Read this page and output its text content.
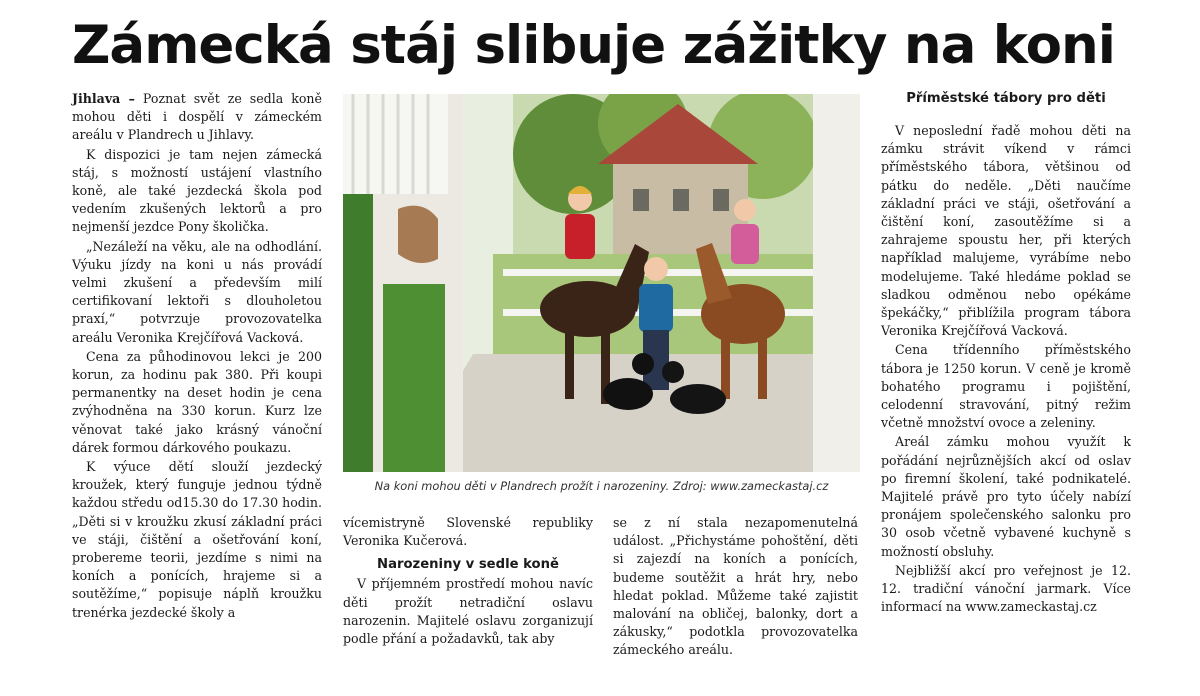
Zámecká stáj slibuje zážitky na koni

Jihlava – Poznat svět ze sedla koně mohou děti i dospělí v zámeckém areálu v Plandrech u Jihlavy.

K dispozici je tam nejen zámecká stáj, s možností ustájení vlastního koně, ale také jezdecká škola pod vedením zkušených lektorů a pro nejmenší jezdce Pony školička.

„Nezáleží na věku, ale na odhodlání. Výuku jízdy na koni u nás provádí velmi zkušení a především milí certifikovaní lektoři s dlouholetou praxí,“ potvrzuje provozovatelka areálu Veronika Krejčířová Vacková.

Cena za půhodinovou lekci je 200 korun, za hodinu pak 380. Při koupi permanentky na deset hodin je cena zvýhodněna na 330 korun. Kurz lze věnovat také jako krásný vánoční dárek formou dárkového poukazu.

K výuce dětí slouží jezdecký kroužek, který funguje jednou týdně každou středu od15.30 do 17.30 hodin. „Děti si v kroužku zkusí základní práci ve stáji, čištění a ošetřování koní, probereme teorii, jezdíme s nimi na koních a ponících, hrajeme si a soutěžíme,“ popisuje náplň kroužku trenérka jezdecké školy a

Na koni mohou děti v Plandrech prožít i narozeniny. Zdroj: www.zameckastaj.cz

vícemistryně Slovenské republiky Veronika Kučerová.

Narozeniny v sedle koně

V příjemném prostředí mohou navíc děti prožít netradiční oslavu narozenin. Majitelé oslavu zorganizují podle přání a požadavků, tak aby

se z ní stala nezapomenutelná událost. „Přichystáme pohoštění, děti si zajezdí na koních a ponících, budeme soutěžit a hrát hry, nebo hledat poklad. Můžeme také zajistit malování na obličej, balonky, dort a zákusky,“ podotkla provozovatelka zámeckého areálu.

Příměstské tábory pro děti

V neposlední řadě mohou děti na zámku strávit víkend v rámci příměstského tábora, většinou od pátku do neděle. „Děti naučíme základní práci ve stáji, ošetřování a čištění koní, zasoutěžíme si a zahrajeme spoustu her, při kterých například malujeme, vyrábíme nebo modelujeme. Také hledáme poklad se sladkou odměnou nebo opékáme špekáčky,“ přiblížila program tábora Veronika Krejčířová Vacková.

Cena třídenního příměstského tábora je 1250 korun. V ceně je kromě bohatého programu i pojištění, celodenní stravování, pitný režim včetně množství ovoce a zeleniny.

Areál zámku mohou využít k pořádání nejrůznějších akcí od oslav po firemní školení, také podnikatelé. Majitelé právě pro tyto účely nabízí pronájem společenského salonku pro 30 osob včetně vybavené kuchyně s možností obsluhy.

Nejbližší akcí pro veřejnost je 12. 12. tradiční vánoční jarmark. Více informací na www.zameckastaj.cz
